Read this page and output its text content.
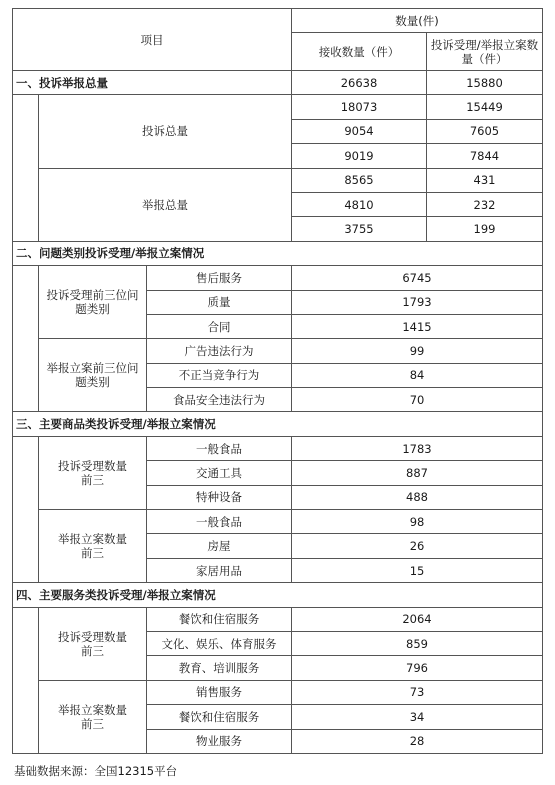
项目			数量(件)	
			接收数量（件）	投诉受理/举报立案数量（件）
一、投诉举报总量			26638	15880
	投诉总量		18073	15449
			9054	7605
			9019	7844
	举报总量		8565	431
			4810	232
			3755	199
二、问题类别投诉受理/举报立案情况				
	投诉受理前三位问题类别	售后服务	6745	
		质量	1793	
		合同	1415	
	举报立案前三位问题类别	广告违法行为	99	
		不正当竞争行为	84	
		食品安全违法行为	70	
三、主要商品类投诉受理/举报立案情况				
	投诉受理数量前三	一般食品	1783	
		交通工具	887	
		特种设备	488	
	举报立案数量前三	一般食品	98	
		房屋	26	
		家居用品	15	
四、主要服务类投诉受理/举报立案情况				
	投诉受理数量前三	餐饮和住宿服务	2064	
		文化、娱乐、体育服务	859	
		教育、培训服务	796	
	举报立案数量前三	销售服务	73	
		餐饮和住宿服务	34	
		物业服务	28	
基础数据来源：全国12315平台
